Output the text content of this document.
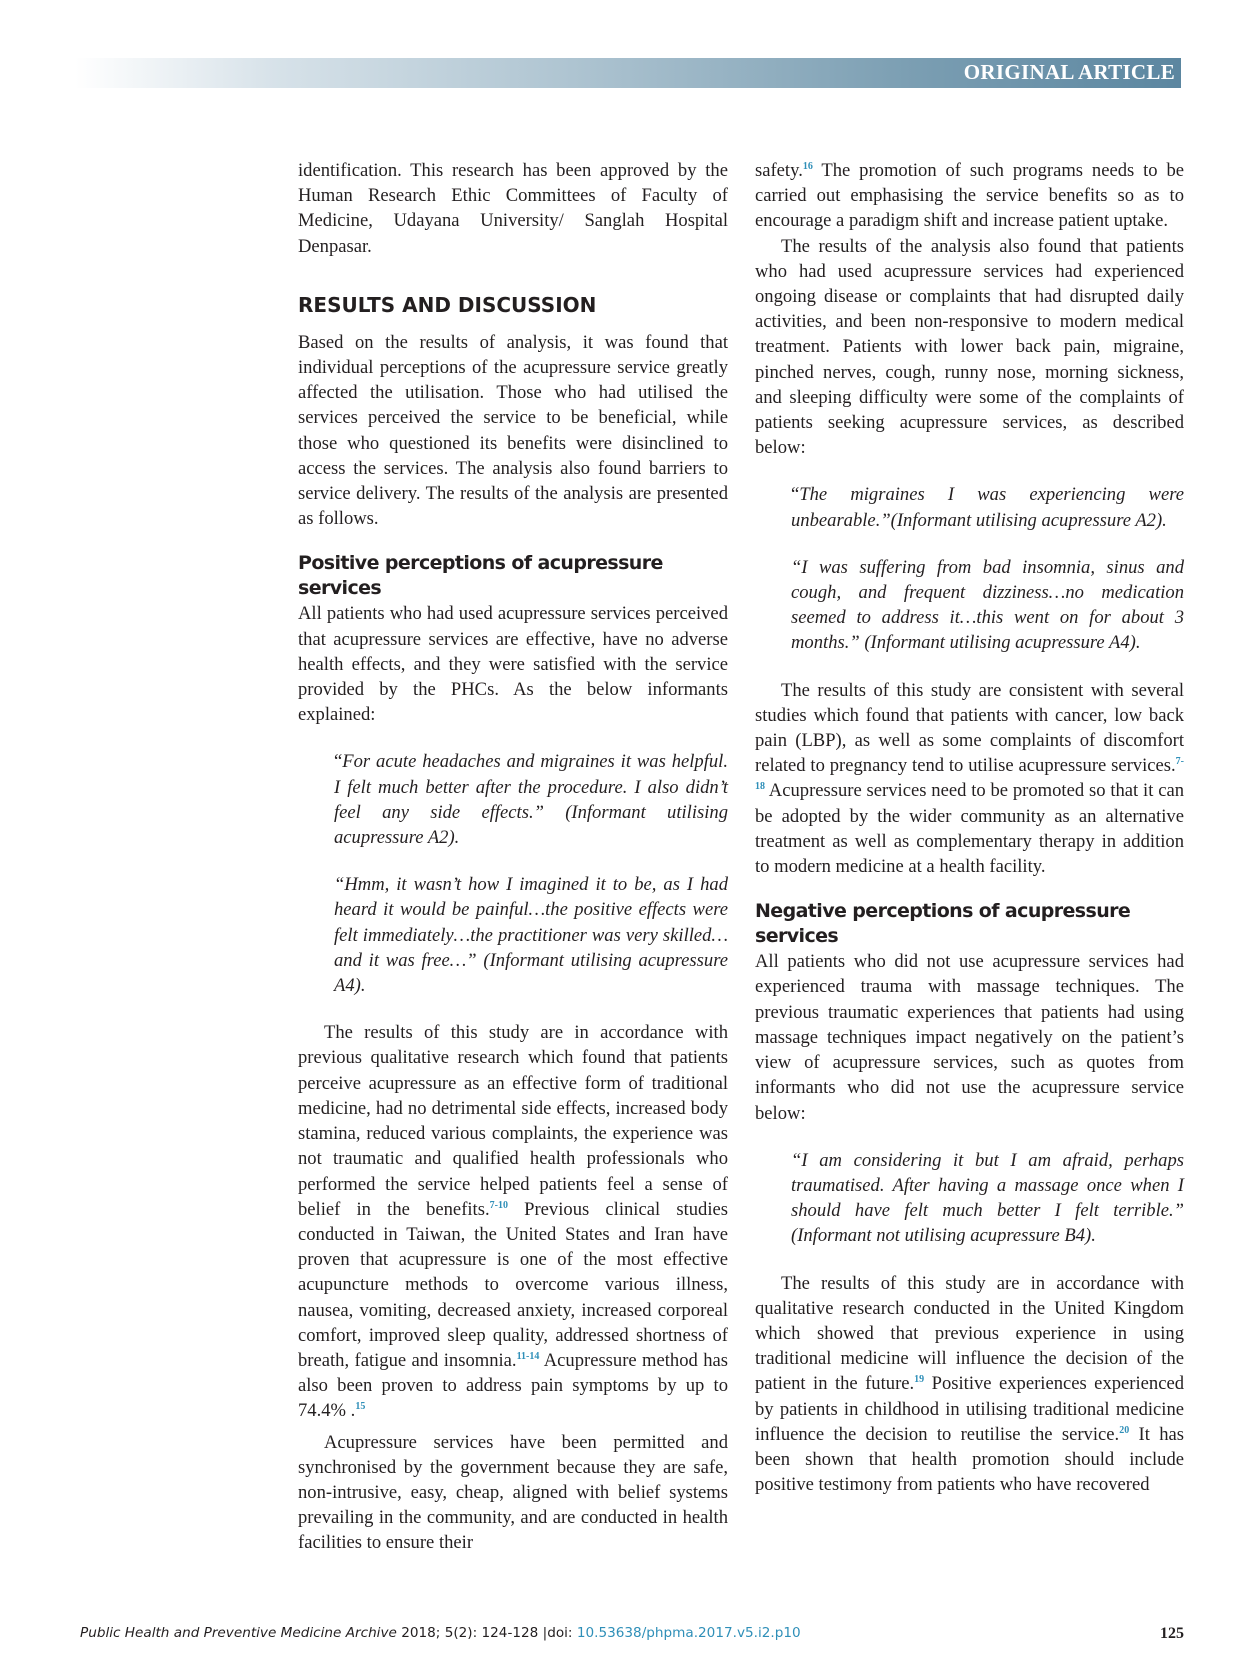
ORIGINAL ARTICLE

identification. This research has been approved by the Human Research Ethic Committees of Faculty of Medicine, Udayana University/ Sanglah Hospital Denpasar.

RESULTS AND DISCUSSION

Based on the results of analysis, it was found that individual perceptions of the acupressure service greatly affected the utilisation. Those who had utilised the services perceived the service to be beneficial, while those who questioned its benefits were disinclined to access the services. The analysis also found barriers to service delivery. The results of the analysis are presented as follows.

Positive perceptions of acupressure
services

All patients who had used acupressure services perceived that acupressure services are effective, have no adverse health effects, and they were satisfied with the service provided by the PHCs. As the below informants explained:

“For acute headaches and migraines it was helpful. I felt much better after the procedure. I also didn’t feel any side effects.” (Informant utilising acupressure A2).
“Hmm, it wasn’t how I imagined it to be, as I had heard it would be painful…the positive effects were felt immediately…the practitioner was very skilled…and it was free…” (Informant utilising acupressure A4).

The results of this study are in accordance with previous qualitative research which found that patients perceive acupressure as an effective form of traditional medicine, had no detrimental side effects, increased body stamina, reduced various complaints, the experience was not traumatic and qualified health professionals who performed the service helped patients feel a sense of belief in the benefits.$^{7-10}$ Previous clinical studies conducted in Taiwan, the United States and Iran have proven that acupressure is one of the most effective acupuncture methods to overcome various illness, nausea, vomiting, decreased anxiety, increased corporeal comfort, improved sleep quality, addressed shortness of breath, fatigue and insomnia.$^{11-14}$ Acupressure method has also been proven to address pain symptoms by up to 74.4% .$^{15}$

Acupressure services have been permitted and synchronised by the government because they are safe, non-intrusive, easy, cheap, aligned with belief systems prevailing in the community, and are conducted in health facilities to ensure their

safety.$^{16}$ The promotion of such programs needs to be carried out emphasising the service benefits so as to encourage a paradigm shift and increase patient uptake.

The results of the analysis also found that patients who had used acupressure services had experienced ongoing disease or complaints that had disrupted daily activities, and been non-responsive to modern medical treatment. Patients with lower back pain, migraine, pinched nerves, cough, runny nose, morning sickness, and sleeping difficulty were some of the complaints of patients seeking acupressure services, as described below:

“The migraines I was experiencing were unbearable.”(Informant utilising acupressure A2).
“I was suffering from bad insomnia, sinus and cough, and frequent dizziness…no medication seemed to address it…this went on for about 3 months.” (Informant utilising acupressure A4).

The results of this study are consistent with several studies which found that patients with cancer, low back pain (LBP), as well as some complaints of discomfort related to pregnancy tend to utilise acupressure services.$^{7-18}$ Acupressure services need to be promoted so that it can be adopted by the wider community as an alternative treatment as well as complementary therapy in addition to modern medicine at a health facility.

Negative perceptions of acupressure
services

All patients who did not use acupressure services had experienced trauma with massage techniques. The previous traumatic experiences that patients had using massage techniques impact negatively on the patient’s view of acupressure services, such as quotes from informants who did not use the acupressure service below:

“I am considering it but I am afraid, perhaps traumatised. After having a massage once when I should have felt much better I felt terrible.” (Informant not utilising acupressure B4).

The results of this study are in accordance with qualitative research conducted in the United Kingdom which showed that previous experience in using traditional medicine will influence the decision of the patient in the future.$^{19}$ Positive experiences experienced by patients in childhood in utilising traditional medicine influence the decision to reutilise the service.$^{20}$ It has been shown that health promotion should include positive testimony from patients who have recovered

Public Health and Preventive Medicine Archive 2018; 5(2): 124-128 |doi: 10.53638/phpma.2017.v5.i2.p10	125
